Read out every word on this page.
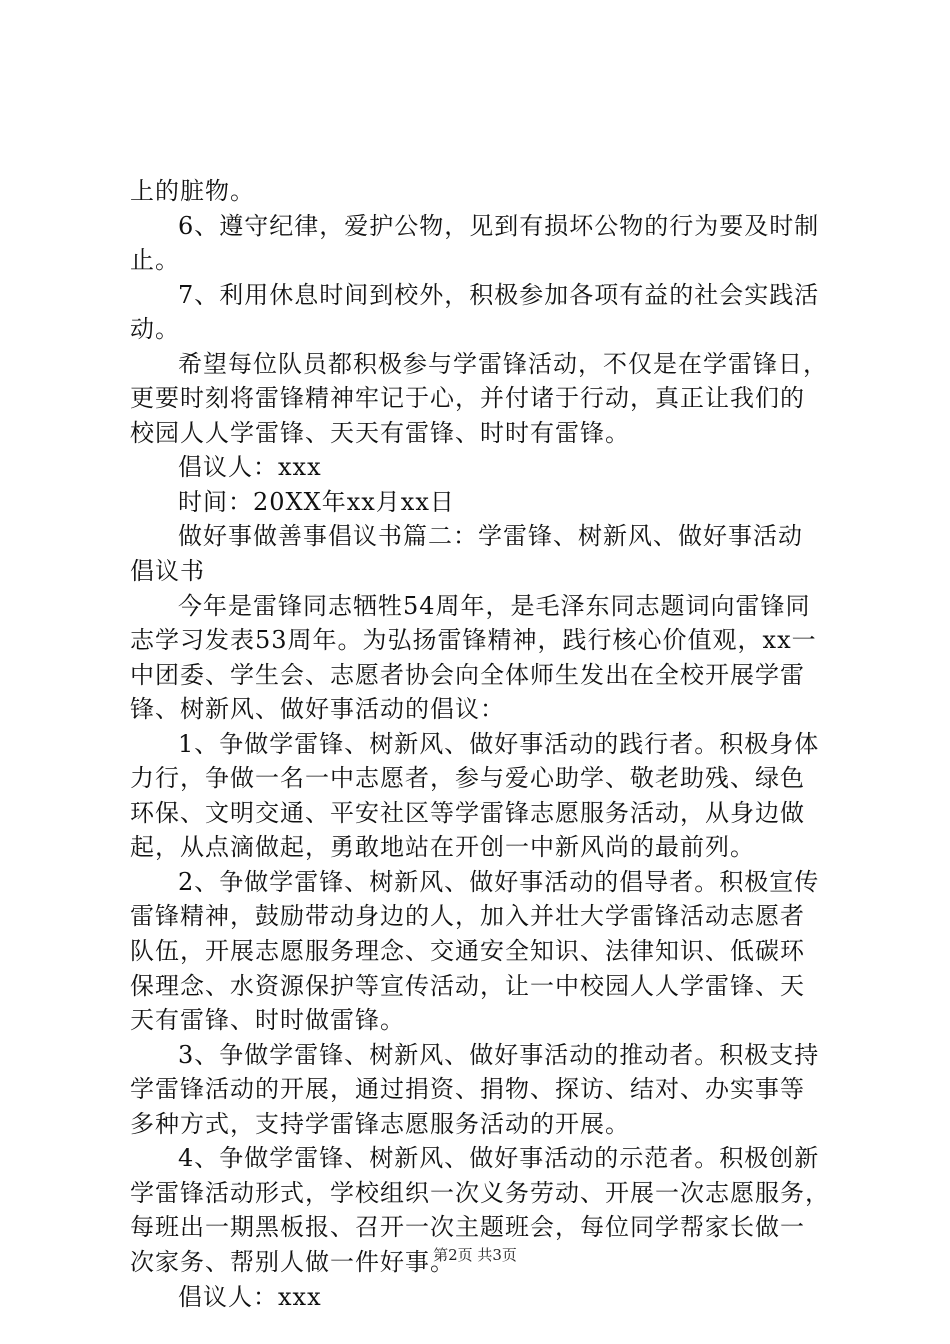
上的脏物。
6、遵守纪律，爱护公物，见到有损坏公物的行为要及时制
止。
7、利用休息时间到校外，积极参加各项有益的社会实践活
动。
希望每位队员都积极参与学雷锋活动，不仅是在学雷锋日，
更要时刻将雷锋精神牢记于心，并付诸于行动，真正让我们的
校园人人学雷锋、天天有雷锋、时时有雷锋。
倡议人：xxx
时间：20XX年xx月xx日
做好事做善事倡议书篇二：学雷锋、树新风、做好事活动
倡议书
今年是雷锋同志牺牲54周年，是毛泽东同志题词向雷锋同
志学习发表53周年。为弘扬雷锋精神，践行核心价值观，xx一
中团委、学生会、志愿者协会向全体师生发出在全校开展学雷
锋、树新风、做好事活动的倡议：
1、争做学雷锋、树新风、做好事活动的践行者。积极身体
力行，争做一名一中志愿者，参与爱心助学、敬老助残、绿色
环保、文明交通、平安社区等学雷锋志愿服务活动，从身边做
起，从点滴做起，勇敢地站在开创一中新风尚的最前列。
2、争做学雷锋、树新风、做好事活动的倡导者。积极宣传
雷锋精神，鼓励带动身边的人，加入并壮大学雷锋活动志愿者
队伍，开展志愿服务理念、交通安全知识、法律知识、低碳环
保理念、水资源保护等宣传活动，让一中校园人人学雷锋、天
天有雷锋、时时做雷锋。
3、争做学雷锋、树新风、做好事活动的推动者。积极支持
学雷锋活动的开展，通过捐资、捐物、探访、结对、办实事等
多种方式，支持学雷锋志愿服务活动的开展。
4、争做学雷锋、树新风、做好事活动的示范者。积极创新
学雷锋活动形式，学校组织一次义务劳动、开展一次志愿服务，
每班出一期黑板报、召开一次主题班会，每位同学帮家长做一
次家务、帮别人做一件好事。
倡议人：xxx
第2页 共3页
